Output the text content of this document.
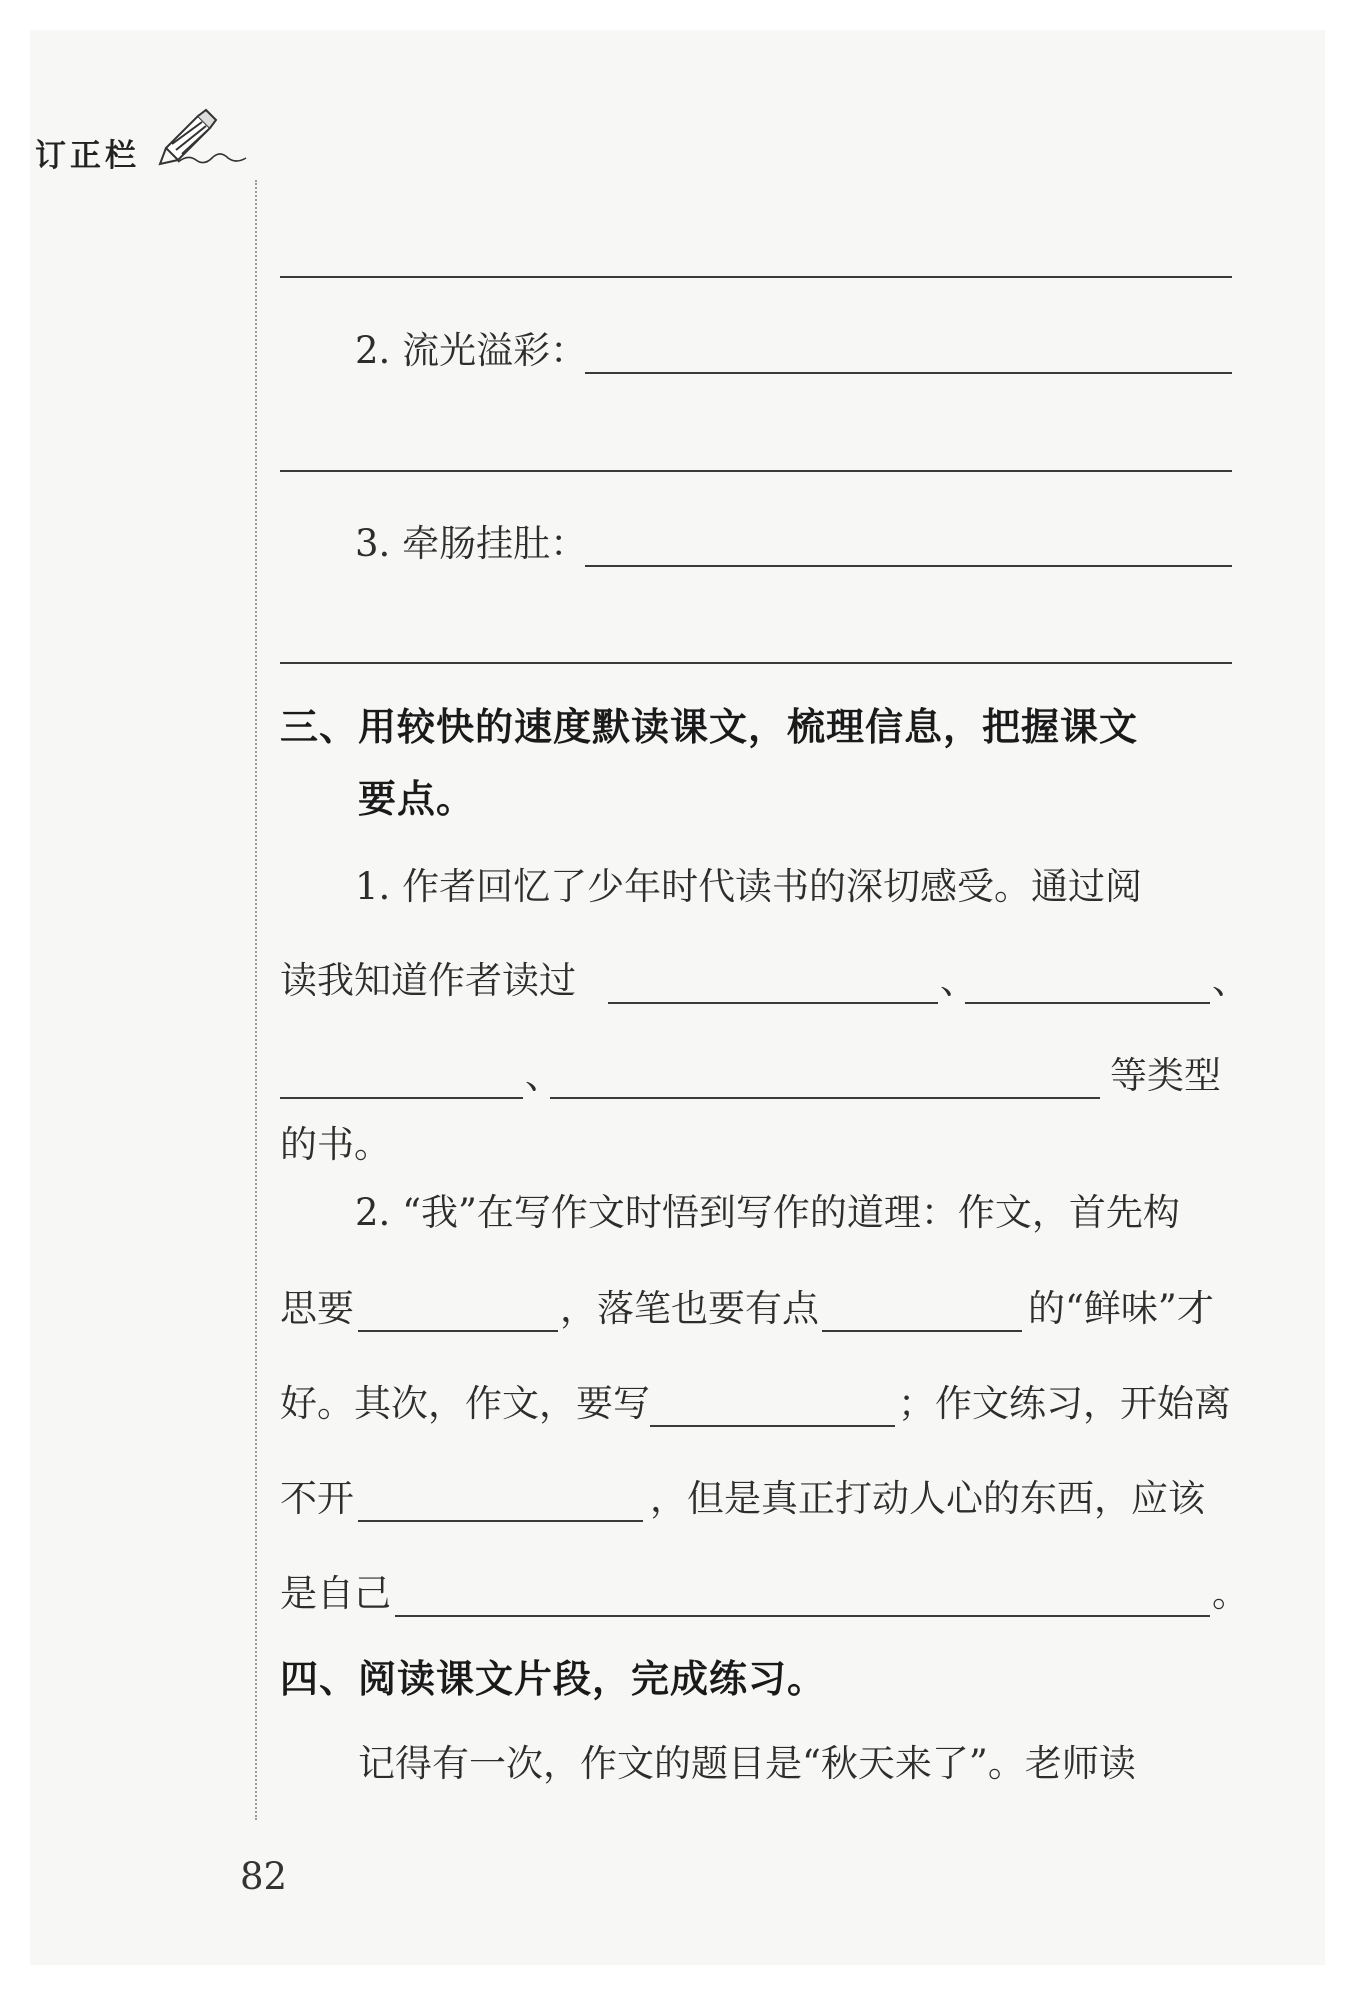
订正栏
2. 流光溢彩：
3. 牵肠挂肚：
三、用较快的速度默读课文，梳理信息，把握课文
要点。
1. 作者回忆了少年时代读书的深切感受。通过阅
读我知道作者读过	、	、
、	等类型
的书。
2. “我”在写作文时悟到写作的道理：作文，首先构
思要	，落笔也要有点	的“鲜味”才
好。其次，作文，要写	；作文练习，开始离
不开	，但是真正打动人心的东西，应该
是自己	。
四、阅读课文片段，完成练习。
记得有一次，作文的题目是“秋天来了”。老师读
82
